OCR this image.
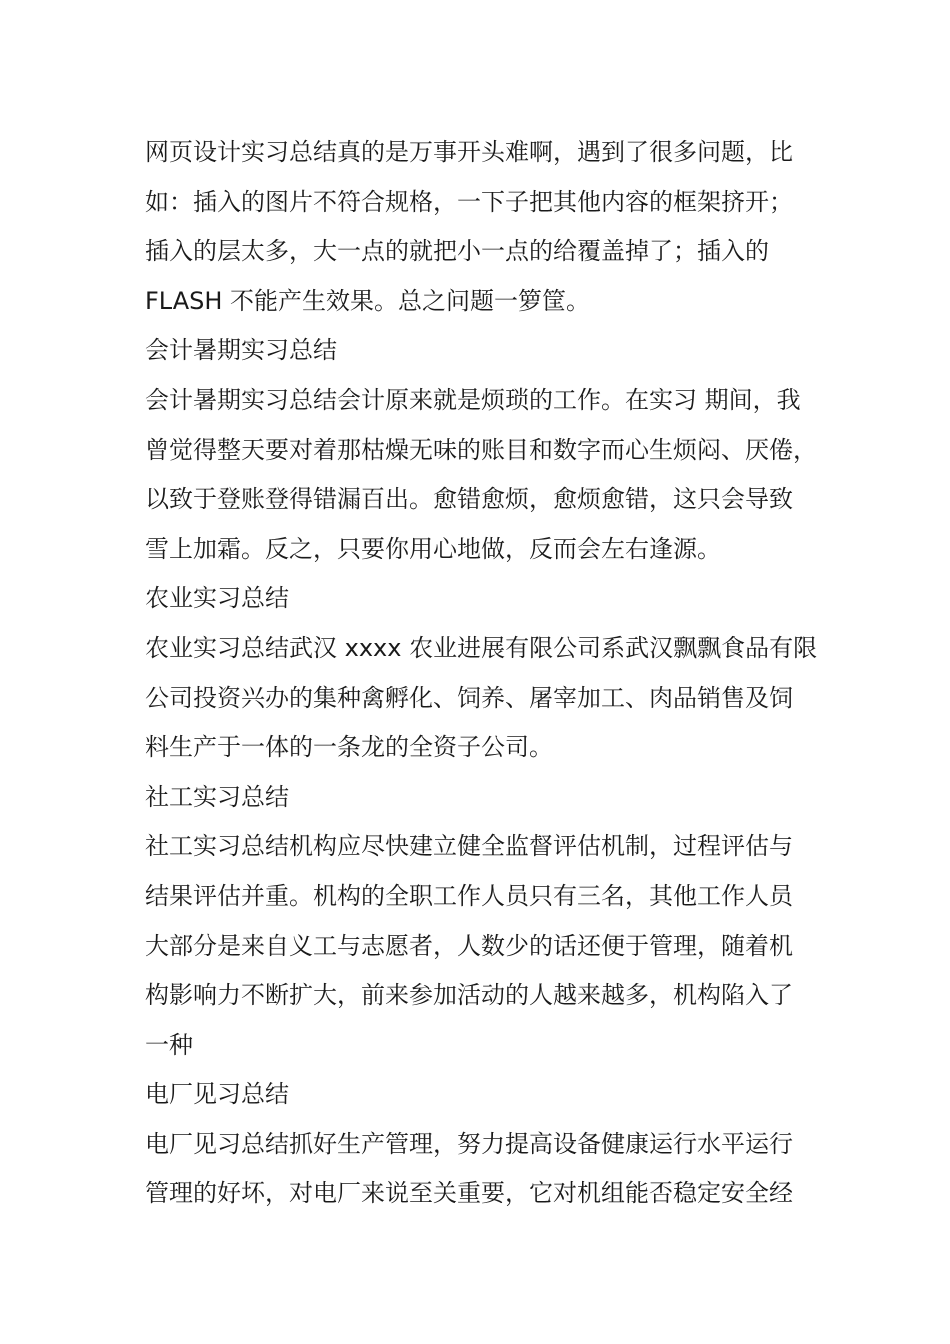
网页设计实习总结真的是万事开头难啊，遇到了很多问题，比
如：插入的图片不符合规格，一下子把其他内容的框架挤开；
插入的层太多，大一点的就把小一点的给覆盖掉了；插入的
FLASH 不能产生效果。总之问题一箩筐。
会计暑期实习总结
会计暑期实习总结会计原来就是烦琐的工作。在实习 期间，我
曾觉得整天要对着那枯燥无味的账目和数字而心生烦闷、厌倦，
以致于登账登得错漏百出。愈错愈烦，愈烦愈错，这只会导致
雪上加霜。反之，只要你用心地做，反而会左右逢源。
农业实习总结
农业实习总结武汉 xxxx 农业进展有限公司系武汉飘飘食品有限
公司投资兴办的集种禽孵化、饲养、屠宰加工、肉品销售及饲
料生产于一体的一条龙的全资子公司。
社工实习总结
社工实习总结机构应尽快建立健全监督评估机制，过程评估与
结果评估并重。机构的全职工作人员只有三名，其他工作人员
大部分是来自义工与志愿者，人数少的话还便于管理，随着机
构影响力不断扩大，前来参加活动的人越来越多，机构陷入了
一种
电厂见习总结
电厂见习总结抓好生产管理，努力提高设备健康运行水平运行
管理的好坏，对电厂来说至关重要，它对机组能否稳定安全经
